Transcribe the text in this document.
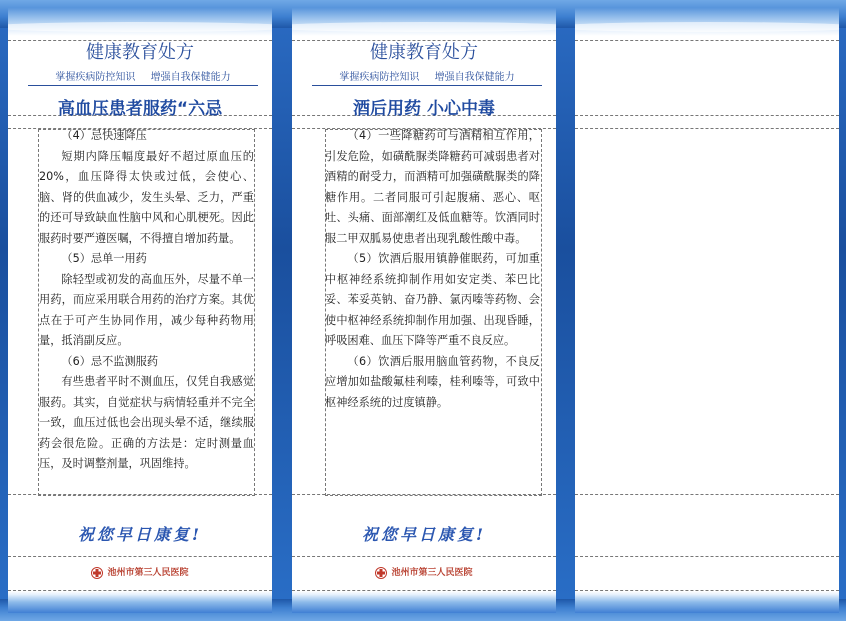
健康教育处方
掌握疾病防控知识 增强自我保健能力
高血压患者服药“六忌

（4）忌快速降压

短期内降压幅度最好不超过原血压的20%，血压降得太快或过低，会使心、脑、肾的供血减少，发生头晕、乏力，严重的还可导致缺血性脑中风和心肌梗死。因此服药时要严遵医嘱，不得擅自增加药量。

（5）忌单一用药

除轻型或初发的高血压外，尽量不单一用药，而应采用联合用药的治疗方案。其优点在于可产生协同作用，减少每种药物用量，抵消副反应。

（6）忌不监测服药

有些患者平时不测血压，仅凭自我感觉服药。其实，自觉症状与病情轻重并不完全一致，血压过低也会出现头晕不适，继续服药会很危险。正确的方法是：定时测量血压，及时调整剂量，巩固维持。

祝您早日康复!
池州市第三人民医院
健康教育处方
掌握疾病防控知识 增强自我保健能力
酒后用药 小心中毒

（4）一些降糖药可与酒精相互作用，引发危险，如磺酰脲类降糖药可减弱患者对酒精的耐受力，而酒精可加强磺酰脲类的降糖作用。二者同服可引起腹痛、恶心、呕吐、头痛、面部潮红及低血糖等。饮酒同时服二甲双胍易使患者出现乳酸性酸中毒。

（5）饮酒后服用镇静催眠药，可加重中枢神经系统抑制作用如安定类、苯巴比妥、苯妥英钠、奋乃静、氯丙嗪等药物、会使中枢神经系统抑制作用加强、出现昏睡，呼吸困难、血压下降等严重不良反应。

（6）饮酒后服用脑血管药物，不良反应增加如盐酸氟桂利嗪，桂利嗪等，可致中枢神经系统的过度镇静。

祝您早日康复!
池州市第三人民医院
